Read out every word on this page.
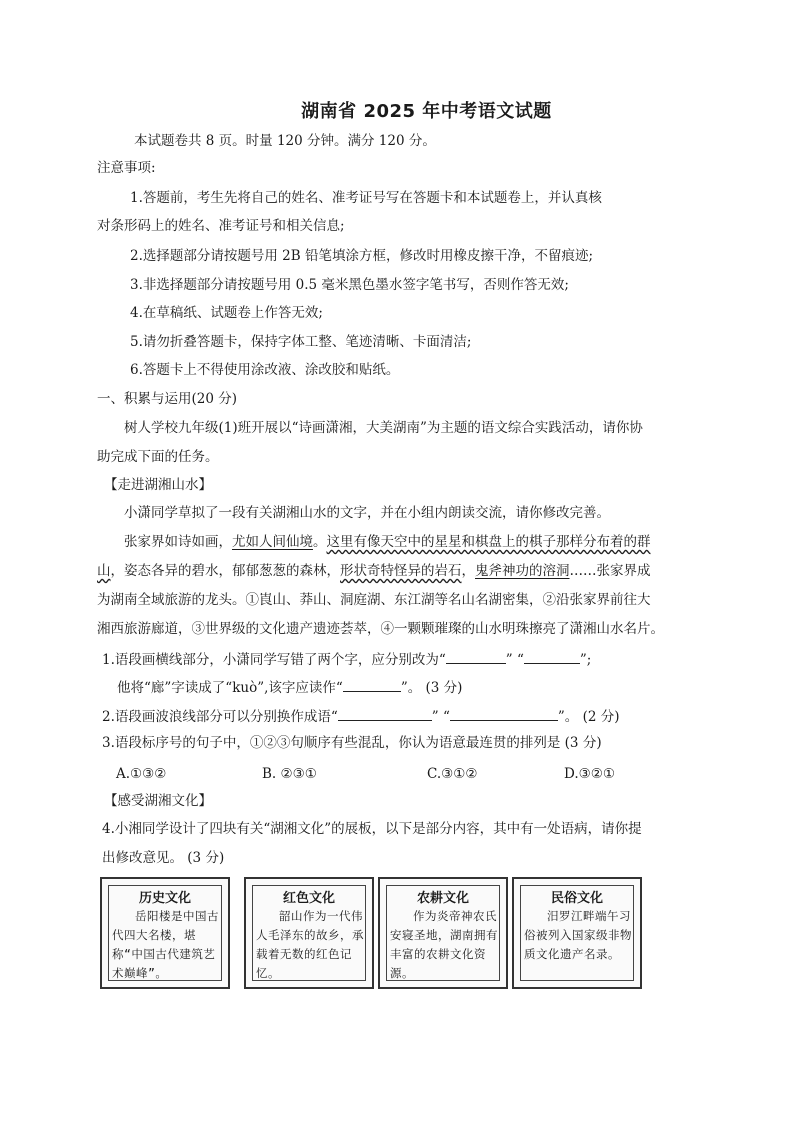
湖南省 2025 年中考语文试题
本试题卷共 8 页。时量 120 分钟。满分 120 分。
注意事项:
1.答题前，考生先将自己的姓名、准考证号写在答题卡和本试题卷上，并认真核
对条形码上的姓名、准考证号和相关信息;
2.选择题部分请按题号用 2B 铅笔填涂方框，修改时用橡皮擦干净，不留痕迹;
3.非选择题部分请按题号用 0.5 毫米黑色墨水签字笔书写，否则作答无效;
4.在草稿纸、试题卷上作答无效;
5.请勿折叠答题卡，保持字体工整、笔迹清晰、卡面清洁;
6.答题卡上不得使用涂改液、涂改胶和贴纸。
一、积累与运用(20 分)
树人学校九年级(1)班开展以“诗画潇湘，大美湖南”为主题的语文综合实践活动，请你协
助完成下面的任务。
【走进湖湘山水】
小潇同学草拟了一段有关湖湘山水的文字，并在小组内朗读交流，请你修改完善。
张家界如诗如画，尤如人间仙境。这里有像天空中的星星和棋盘上的棋子那样分布着的群
山，姿态各异的碧水，郁郁葱葱的森林，形状奇特怪异的岩石，鬼斧神功的溶洞……张家界成
为湖南全域旅游的龙头。①崀山、莽山、洞庭湖、东江湖等名山名湖密集，②沿张家界前往大
湘西旅游廊道，③世界级的文化遗产遗迹荟萃，④一颗颗璀璨的山水明珠擦亮了潇湘山水名片。
1.语段画横线部分，小潇同学写错了两个字，应分别改为“	” “	”;
他将“廊”字读成了“kuò”,该字应读作“	”。 (3 分)
2.语段画波浪线部分可以分别换作成语“	” “	”。 (2 分)
3.语段标序号的句子中，①②③句顺序有些混乱，你认为语意最连贯的排列是 (3 分)
A.①③②	B. ②③①	C.③①②	D.③②①
【感受湖湘文化】
4.小湘同学设计了四块有关“湖湘文化”的展板，以下是部分内容，其中有一处语病，请你提
出修改意见。 (3 分)
历史文化
岳阳楼是中国古代四大名楼，堪称“中国古代建筑艺术巅峰”。
红色文化
韶山作为一代伟人毛泽东的故乡，承载着无数的红色记忆。
农耕文化
作为炎帝神农氏安寝圣地，湖南拥有丰富的农耕文化资源。
民俗文化
汨罗江畔端午习俗被列入国家级非物质文化遗产名录。
